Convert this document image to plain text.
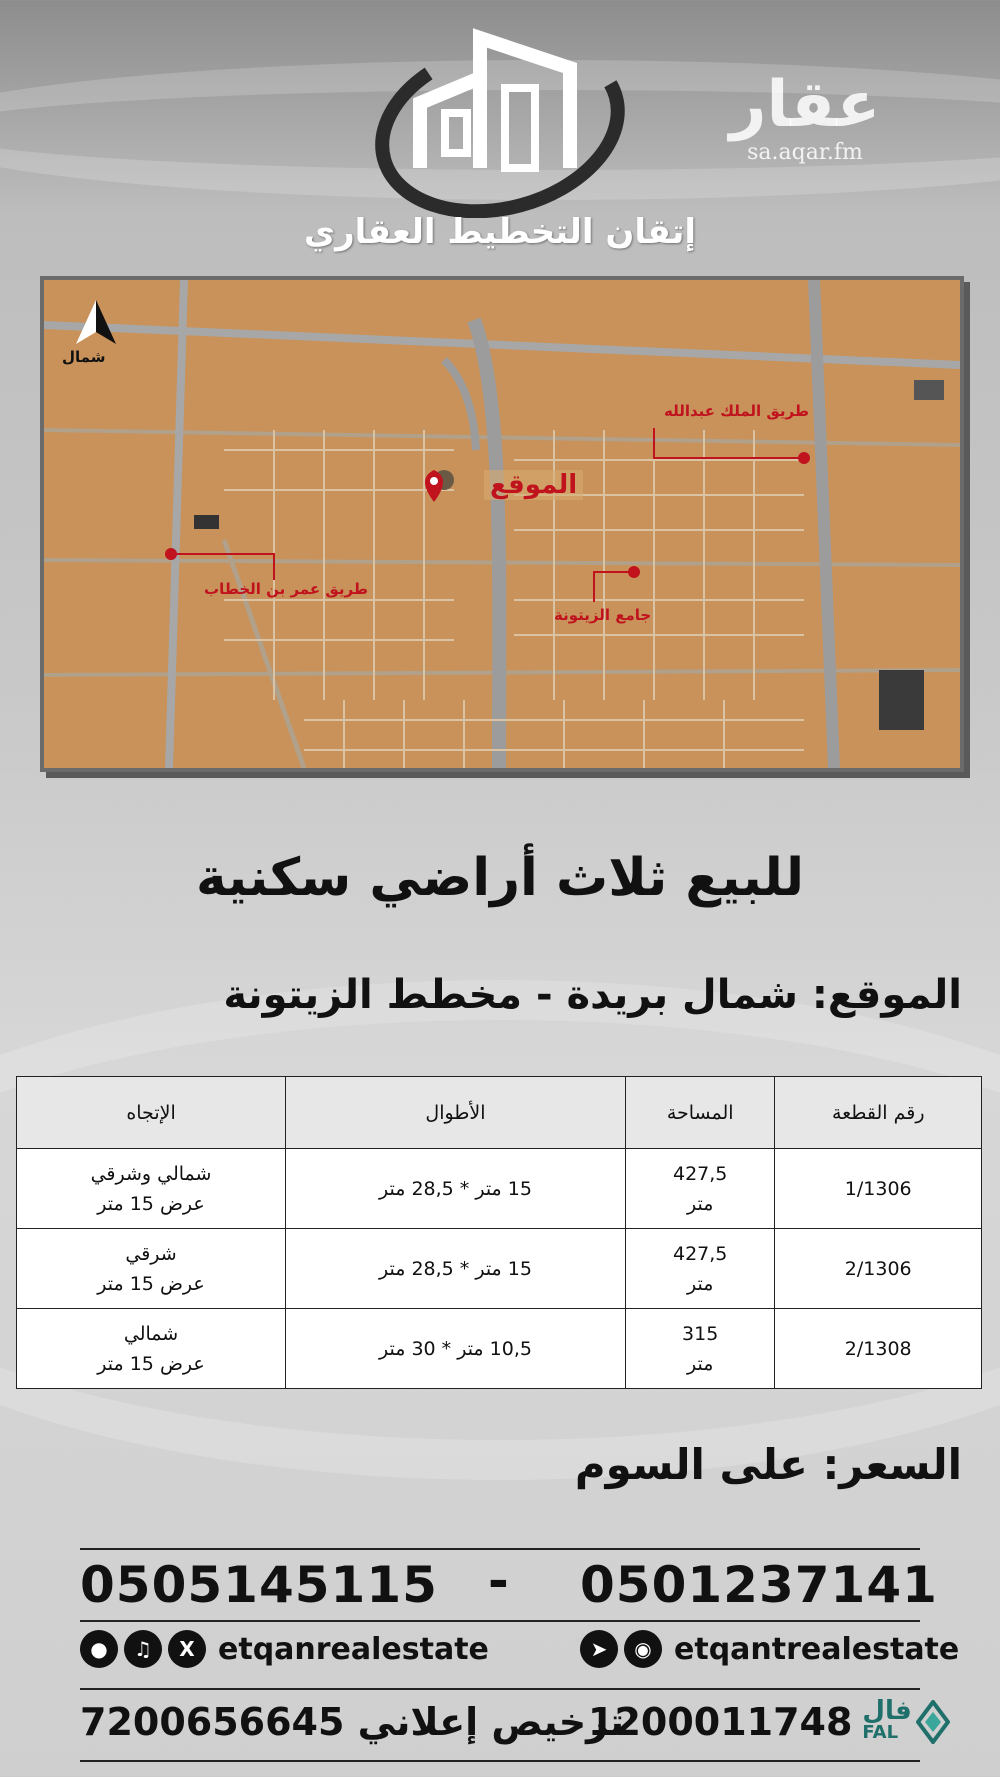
عقار
sa.aqar.fm
إتقان التخطيط العقاري
شمال
الموقع
طريق الملك عبدالله
طريق عمر بن الخطاب
جامع الزيتونة
للبيع ثلاث أراضي سكنية
الموقع: شمال بريدة - مخطط الزيتونة
رقم القطعة	المساحة	الأطوال	الإتجاه
1/1306	427,5
متر	15 متر * 28,5 متر	شمالي وشرقي
عرض 15 متر

2/1306	427,5
متر	15 متر * 28,5 متر	شرقي
عرض 15 متر

2/1308	315
متر	10,5 متر * 30 متر	شمالي
عرض 15 متر
السعر: على السوم
0505145115 - 0501237141
●	♫	X etqanrealestate	➤	◉ etqantrealestate
ترخيص إعلاني 7200656645
1200011748 فال
FAL
